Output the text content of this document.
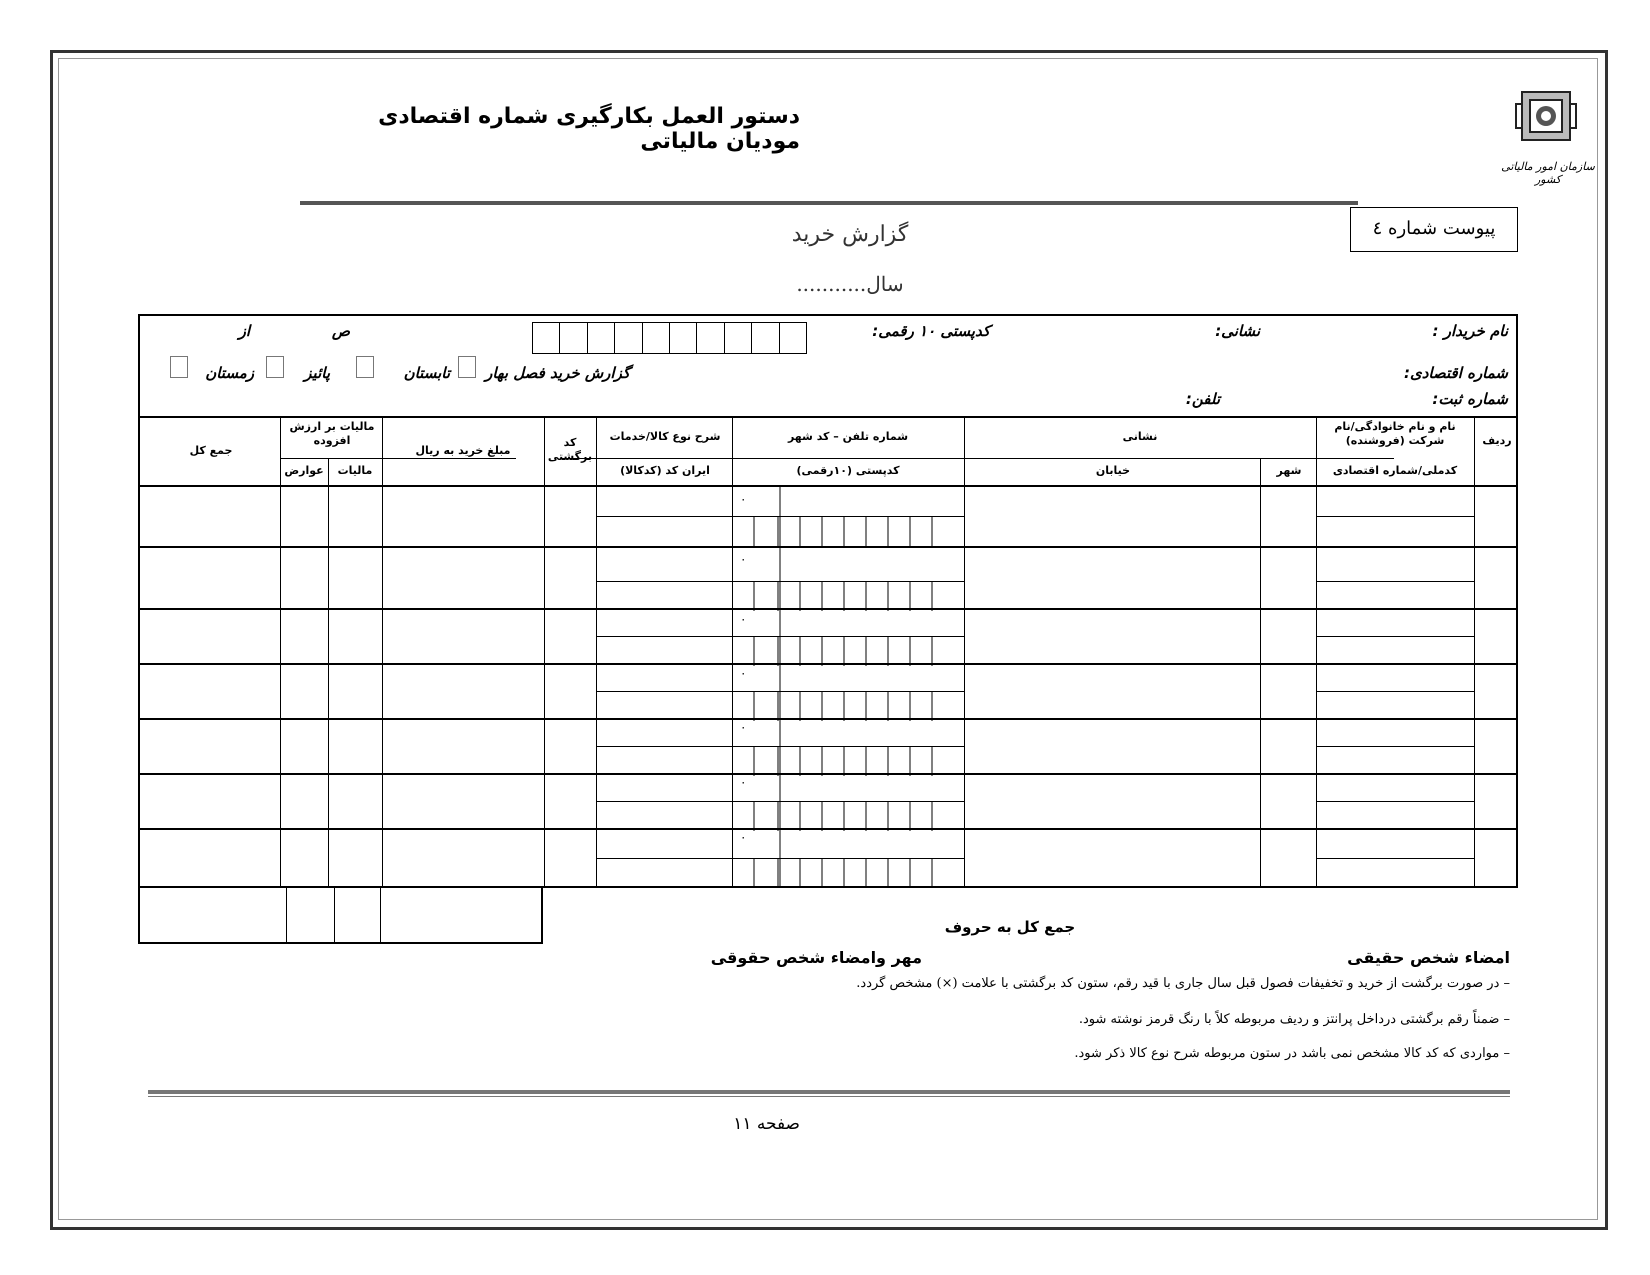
سازمان امور مالیاتی کشور
دستور العمل بکارگیری شماره اقتصادی مودیان مالیاتی
پیوست شماره ٤
گزارش خرید
سال...........
نام خریدار :
نشانی:
کدپستی ۱۰ رقمی:
ص
از
شماره اقتصادی:
شماره ثبت:
تلفن:
گزارش خرید فصل بهار
تابستان
پائیز
زمستان
ردیف
نام و نام خانوادگی/نام شرکت (فروشنده)
کدملی/شماره اقتصادی
نشانی
شهر
خیابان
شماره تلفن – کد شهر
کدپستی (۱۰رقمی)
شرح نوع کالا/خدمات
ایران کد (کدکالا)
کد برگشتی
مبلغ خرید به ریال
مالیات بر ارزش افزوده
مالیات
عوارض
جمع کل
۰
۰
۰
۰
۰
۰
۰
جمع کل به حروف
امضاء شخص حقیقی
مهر وامضاء شخص حقوقی
– در صورت برگشت از خرید و تخفیفات فصول قبل سال جاری با قید رقم، ستون کد برگشتی با علامت (×) مشخص گردد.
– ضمناً رقم برگشتی درداخل پرانتز و ردیف مربوطه کلاً با رنگ قرمز نوشته شود.
– مواردی که کد کالا مشخص نمی باشد در ستون مربوطه شرح نوع کالا ذکر شود.
صفحه ۱۱
